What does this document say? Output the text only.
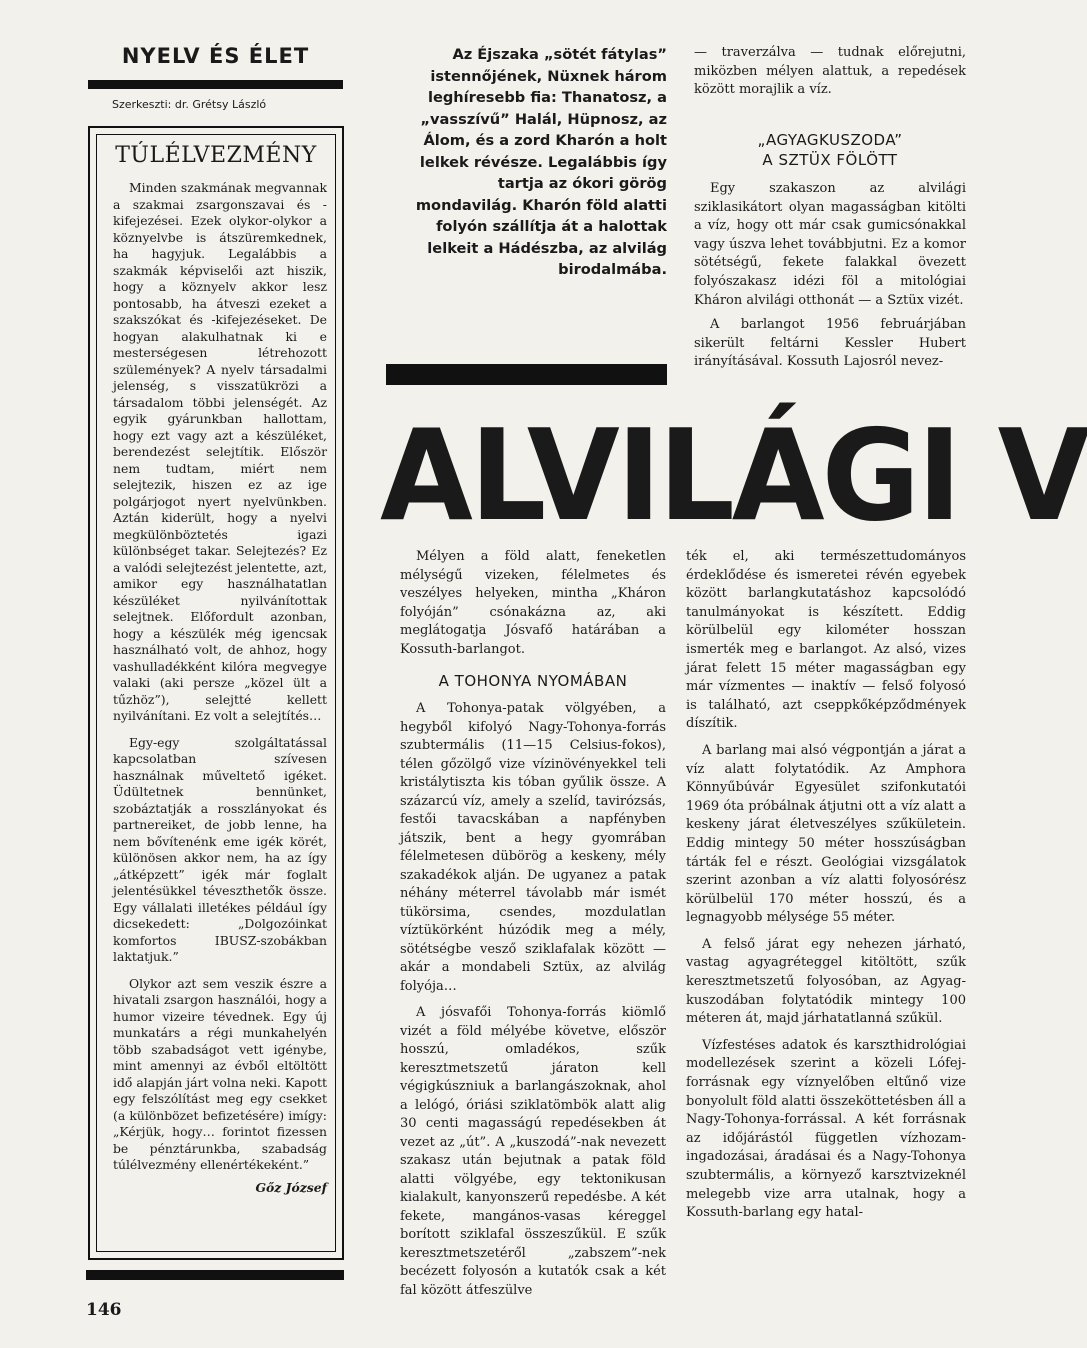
NYELV ÉS ÉLET
Szerkeszti: dr. Grétsy László
TÚLÉLVEZMÉNY

Minden szakmának megvannak a szakmai zsargonszavai és -kifejezései. Ezek olykor-olykor a köznyelvbe is átszüremkednek, ha hagyjuk. Legalábbis a szakmák képviselői azt hiszik, hogy a köznyelv akkor lesz pontosabb, ha átveszi ezeket a szakszókat és -kifejezéseket. De hogyan alakulhatnak ki e mesterségesen létrehozott szülemények? A nyelv társadalmi jelenség, s visszatükrözi a társadalom többi jelenségét. Az egyik gyárunkban hallottam, hogy ezt vagy azt a készüléket, berendezést selejtítik. Először nem tudtam, miért nem selejtezik, hiszen ez az ige polgárjogot nyert nyelvünkben. Aztán kiderült, hogy a nyelvi megkülönböztetés igazi különbséget takar. Selejtezés? Ez a valódi selejtezést jelentette, azt, amikor egy használhatatlan készüléket nyilvánítottak selejtnek. Előfordult azonban, hogy a készülék még igencsak használható volt, de ahhoz, hogy vashulladékként kilóra megvegye valaki (aki persze „közel ült a tűzhöz”), selejtté kellett nyilvánítani. Ez volt a selejtítés…

Egy-egy szolgáltatással kapcsolatban szívesen használnak műveltető igéket. Üdültetnek bennünket, szobáztatják a rosszlányokat és partnereiket, de jobb lenne, ha nem bővítenénk eme igék körét, különösen akkor nem, ha az így „átképzett” igék már foglalt jelentésükkel téveszthetők össze. Egy vállalati illetékes például így dicsekedett: „Dolgozóinkat komfortos IBUSZ-szobákban laktatjuk.”

Olykor azt sem veszik észre a hivatali zsargon használói, hogy a humor vizeire tévednek. Egy új munkatárs a régi munkahelyén több szabadságot vett igénybe, mint amennyi az évből eltöltött idő alapján járt volna neki. Kapott egy felszólítást meg egy csekket (a különbözet befizetésére) imígy: „Kérjük, hogy… forintot fizessen be pénztárunkba, szabadság túlélvezmény ellenértékeként.”

Gőz József
146
Az Éjszaka „sötét fátylas” istennőjének, Nüxnek három leghíresebb fia: Thanatosz, a „vasszívű” Halál, Hüpnosz, az Álom, és a zord Kharón a holt lelkek révésze. Legalábbis így tartja az ókori görög mondavilág. Kharón föld alatti folyón szállítja át a halottak lelkeit a Hádészba, az alvilág birodalmába.

— traverzálva — tudnak előrejutni, miközben mélyen alattuk, a repedések között morajlik a víz.

„AGYAGKUSZODA”
A SZTÜX FÖLÖTT

Egy szakaszon az alvilági sziklasikátort olyan magasságban kitölti a víz, hogy ott már csak gumicsónakkal vagy úszva lehet továbbjutni. Ez a komor sötétségű, fekete falakkal övezett folyószakasz idézi föl a mitológiai Kháron alvilági otthonát — a Sztüx vizét.

A barlangot 1956 februárjában sikerült feltárni Kessler Hubert irányításával. Kossuth Lajosról nevez-

ALVILÁGI V

Mélyen a föld alatt, feneketlen mélységű vizeken, félelmetes és veszélyes helyeken, mintha „Kháron folyóján” csónakázna az, aki meglátogatja Jósvafő határában a Kossuth-barlangot.

A TOHONYA NYOMÁBAN

A Tohonya-patak völgyében, a hegyből kifolyó Nagy-Tohonya-forrás szubtermális (11—15 Celsius-fokos), télen gőzölgő vize vízinövényekkel teli kristálytiszta kis tóban gyűlik össze. A százarcú víz, amely a szelíd, tavirózsás, festői tavacskában a napfényben játszik, bent a hegy gyomrában félelmetesen dübörög a keskeny, mély szakadékok alján. De ugyanez a patak néhány méterrel távolabb már ismét tükörsima, csendes, mozdulatlan víztükörként húzódik meg a mély, sötétségbe vesző sziklafalak között — akár a mondabeli Sztüx, az alvilág folyója…

A jósvafői Tohonya-forrás kiömlő vizét a föld mélyébe követve, először hosszú, omladékos, szűk keresztmetszetű járaton kell végigkúszniuk a barlangászoknak, ahol a lelógó, óriási sziklatömbök alatt alig 30 centi magasságú repedésekben át vezet az „út”. A „kuszodá”-nak nevezett szakasz után bejutnak a patak föld alatti völgyébe, egy tektonikusan kialakult, kanyonszerű repedésbe. A két fekete, mangános-vasas kéreggel borított sziklafal összeszűkül. E szűk keresztmetszetéről „zabszem”-nek becézett folyosón a kutatók csak a két fal között átfeszülve

ték el, aki természettudományos érdeklődése és ismeretei révén egyebek között barlangkutatáshoz kapcsolódó tanulmányokat is készített. Eddig körülbelül egy kilométer hosszan ismerték meg e barlangot. Az alsó, vizes járat felett 15 méter magasságban egy már vízmentes — inaktív — felső folyosó is található, azt cseppkőképződmények díszítik.

A barlang mai alsó végpontján a járat a víz alatt folytatódik. Az Amphora Könnyűbúvár Egyesület szifonkutatói 1969 óta próbálnak átjutni ott a víz alatt a keskeny járat életveszélyes szűkületein. Eddig mintegy 50 méter hosszúságban tárták fel e részt. Geológiai vizsgálatok szerint azonban a víz alatti folyosórész körülbelül 170 méter hosszú, és a legnagyobb mélysége 55 méter.

A felső járat egy nehezen járható, vastag agyagréteggel kitöltött, szűk keresztmetszetű folyosóban, az Agyag-kuszodában folytatódik mintegy 100 méteren át, majd járhatatlanná szűkül.

Vízfestéses adatok és karszthidrológiai modellezések szerint a közeli Lófej-forrásnak egy víznyelőben eltűnő vize bonyolult föld alatti összeköttetésben áll a Nagy-Tohonya-forrással. A két forrásnak az időjárástól független vízhozam-ingadozásai, áradásai és a Nagy-Tohonya szubtermális, a környező karsztvizeknél melegebb vize arra utalnak, hogy a Kossuth-barlang egy hatal-
